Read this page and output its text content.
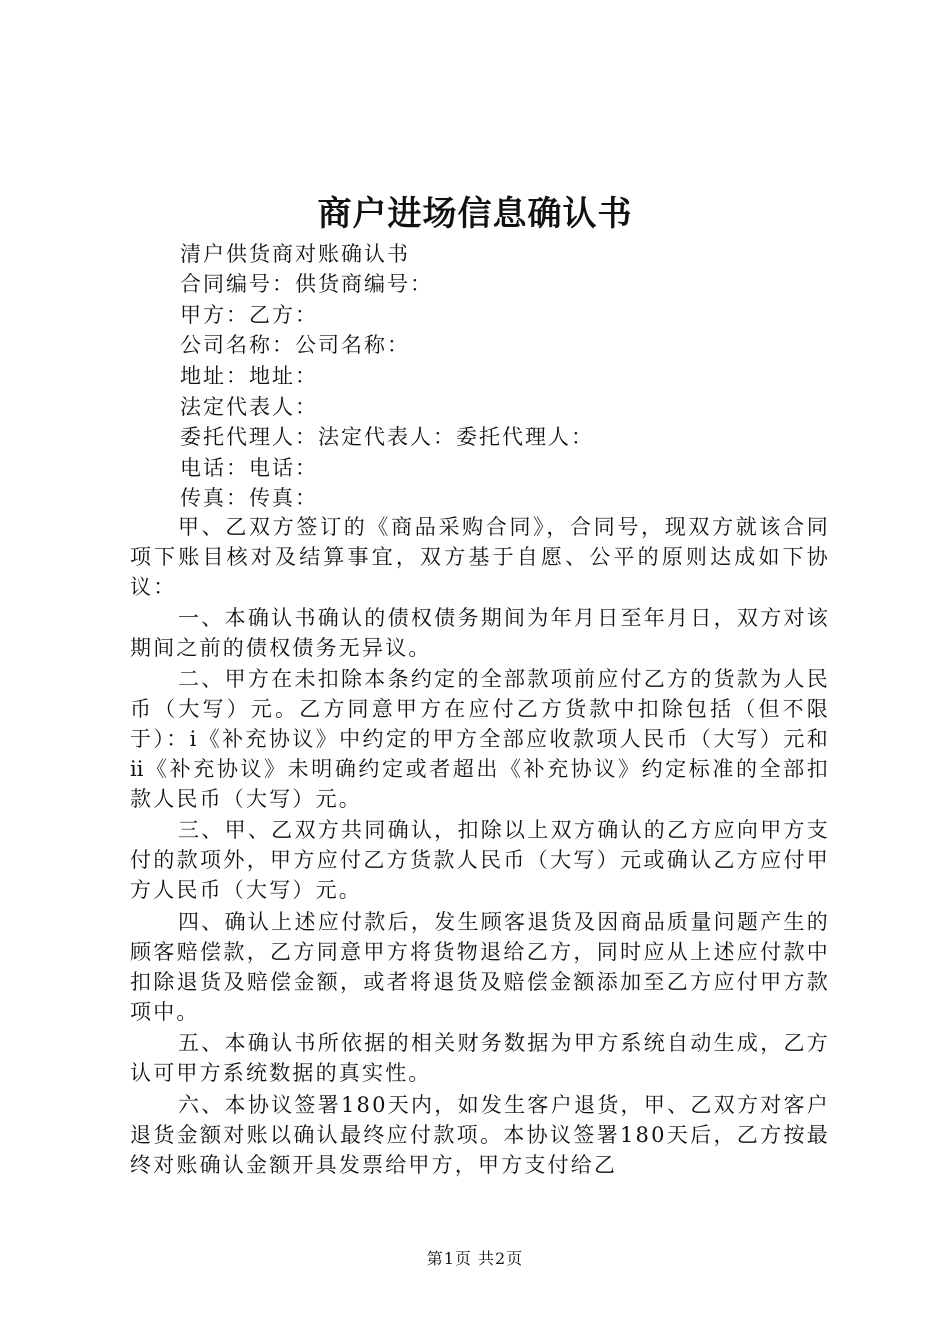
商户进场信息确认书
清户供货商对账确认书
合同编号：供货商编号：
甲方：乙方：
公司名称：公司名称：
地址：地址：
法定代表人：
委托代理人：法定代表人：委托代理人：
电话：电话：
传真：传真：
甲、乙双方签订的《商品采购合同》，合同号，现双方就该合同项下账目核对及结算事宜，双方基于自愿、公平的原则达成如下协议：
一、本确认书确认的债权债务期间为年月日至年月日，双方对该期间之前的债权债务无异议。
二、甲方在未扣除本条约定的全部款项前应付乙方的货款为人民币（大写）元。乙方同意甲方在应付乙方货款中扣除包括（但不限于）：ⅰ《补充协议》中约定的甲方全部应收款项人民币（大写）元和ⅱ《补充协议》未明确约定或者超出《补充协议》约定标准的全部扣款人民币（大写）元。
三、甲、乙双方共同确认，扣除以上双方确认的乙方应向甲方支付的款项外，甲方应付乙方货款人民币（大写）元或确认乙方应付甲方人民币（大写）元。
四、确认上述应付款后，发生顾客退货及因商品质量问题产生的顾客赔偿款，乙方同意甲方将货物退给乙方，同时应从上述应付款中扣除退货及赔偿金额，或者将退货及赔偿金额添加至乙方应付甲方款项中。
五、本确认书所依据的相关财务数据为甲方系统自动生成，乙方认可甲方系统数据的真实性。
六、本协议签署180天内，如发生客户退货，甲、乙双方对客户退货金额对账以确认最终应付款项。本协议签署180天后，乙方按最终对账确认金额开具发票给甲方，甲方支付给乙
第1页 共2页
